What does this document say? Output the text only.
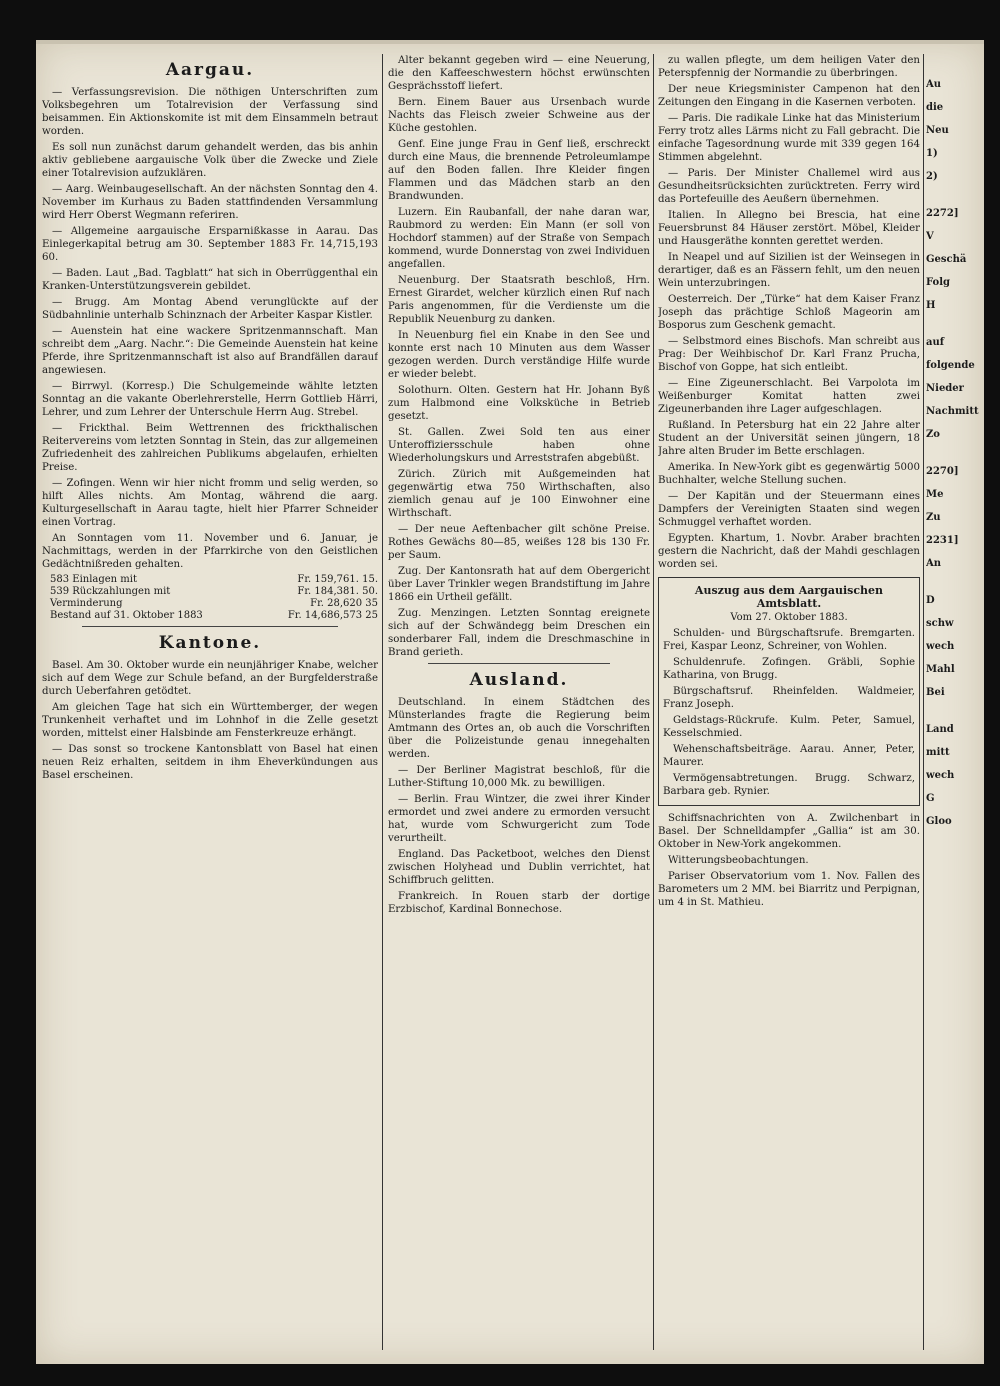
Aargau.
— Verfassungsrevision. Die nöthigen Unterschriften zum Volksbegehren um Totalrevision der Verfassung sind beisammen. Ein Aktionskomite ist mit dem Einsammeln betraut worden.
Es soll nun zunächst darum gehandelt werden, das bis anhin aktiv gebliebene aargauische Volk über die Zwecke und Ziele einer Totalrevision aufzuklären.
— Aarg. Weinbaugesellschaft. An der nächsten Sonntag den 4. November im Kurhaus zu Baden stattfindenden Versammlung wird Herr Oberst Wegmann referiren.
— Allgemeine aargauische Ersparnißkasse in Aarau. Das Einlegerkapital betrug am 30. September 1883 Fr. 14,715,193 60.
— Baden. Laut „Bad. Tagblatt“ hat sich in Oberrüggenthal ein Kranken-Unterstützungsverein gebildet.
— Brugg. Am Montag Abend verunglückte auf der Südbahnlinie unterhalb Schinznach der Arbeiter Kaspar Kistler.
— Auenstein hat eine wackere Spritzenmannschaft. Man schreibt dem „Aarg. Nachr.“: Die Gemeinde Auenstein hat keine Pferde, ihre Spritzenmannschaft ist also auf Brandfällen darauf angewiesen.
— Birrwyl. (Korresp.) Die Schulgemeinde wählte letzten Sonntag an die vakante Oberlehrerstelle, Herrn Gottlieb Härri, Lehrer, und zum Lehrer der Unterschule Herrn Aug. Strebel.
— Frickthal. Beim Wettrennen des frickthalischen Reitervereins vom letzten Sonntag in Stein, das zur allgemeinen Zufriedenheit des zahlreichen Publikums abgelaufen, erhielten Preise.
— Zofingen. Wenn wir hier nicht fromm und selig werden, so hilft Alles nichts. Am Montag, während die aarg. Kulturgesellschaft in Aarau tagte, hielt hier Pfarrer Schneider einen Vortrag.
An Sonntagen vom 11. November und 6. Januar, je Nachmittags, werden in der Pfarrkirche von den Geistlichen Gedächtnißreden gehalten.
583 Einlagen mit	Fr. 159,761. 15.
539 Rückzahlungen mit	Fr. 184,381. 50.
Verminderung	Fr. 28,620 35
Bestand auf 31. Oktober 1883	Fr. 14,686,573 25
Kantone.
Basel. Am 30. Oktober wurde ein neunjähriger Knabe, welcher sich auf dem Wege zur Schule befand, an der Burgfelderstraße durch Ueberfahren getödtet.
Am gleichen Tage hat sich ein Württemberger, der wegen Trunkenheit verhaftet und im Lohnhof in die Zelle gesetzt worden, mittelst einer Halsbinde am Fensterkreuze erhängt.
— Das sonst so trockene Kantonsblatt von Basel hat einen neuen Reiz erhalten, seitdem in ihm Eheverkündungen aus Basel erscheinen.
Alter bekannt gegeben wird — eine Neuerung, die den Kaffeeschwestern höchst erwünschten Gesprächsstoff liefert.
Bern. Einem Bauer aus Ursenbach wurde Nachts das Fleisch zweier Schweine aus der Küche gestohlen.
Genf. Eine junge Frau in Genf ließ, erschreckt durch eine Maus, die brennende Petroleumlampe auf den Boden fallen. Ihre Kleider fingen Flammen und das Mädchen starb an den Brandwunden.
Luzern. Ein Raubanfall, der nahe daran war, Raubmord zu werden: Ein Mann (er soll von Hochdorf stammen) auf der Straße von Sempach kommend, wurde Donnerstag von zwei Individuen angefallen.
Neuenburg. Der Staatsrath beschloß, Hrn. Ernest Girardet, welcher kürzlich einen Ruf nach Paris angenommen, für die Verdienste um die Republik Neuenburg zu danken.
In Neuenburg fiel ein Knabe in den See und konnte erst nach 10 Minuten aus dem Wasser gezogen werden. Durch verständige Hilfe wurde er wieder belebt.
Solothurn. Olten. Gestern hat Hr. Johann Byß zum Halbmond eine Volksküche in Betrieb gesetzt.
St. Gallen. Zwei Sold ten aus einer Unteroffiziersschule haben ohne Wiederholungskurs und Arreststrafen abgebüßt.
Zürich. Zürich mit Außgemeinden hat gegenwärtig etwa 750 Wirthschaften, also ziemlich genau auf je 100 Einwohner eine Wirthschaft.
— Der neue Aeftenbacher gilt schöne Preise. Rothes Gewächs 80—85, weißes 128 bis 130 Fr. per Saum.
Zug. Der Kantonsrath hat auf dem Obergericht über Laver Trinkler wegen Brandstiftung im Jahre 1866 ein Urtheil gefällt.
Zug. Menzingen. Letzten Sonntag ereignete sich auf der Schwändegg beim Dreschen ein sonderbarer Fall, indem die Dreschmaschine in Brand gerieth.
Ausland.
Deutschland. In einem Städtchen des Münsterlandes fragte die Regierung beim Amtmann des Ortes an, ob auch die Vorschriften über die Polizeistunde genau innegehalten werden.
— Der Berliner Magistrat beschloß, für die Luther-Stiftung 10,000 Mk. zu bewilligen.
— Berlin. Frau Wintzer, die zwei ihrer Kinder ermordet und zwei andere zu ermorden versucht hat, wurde vom Schwurgericht zum Tode verurtheilt.
England. Das Packetboot, welches den Dienst zwischen Holyhead und Dublin verrichtet, hat Schiffbruch gelitten.
Frankreich. In Rouen starb der dortige Erzbischof, Kardinal Bonnechose.
zu wallen pflegte, um dem heiligen Vater den Peterspfennig der Normandie zu überbringen.
Der neue Kriegsminister Campenon hat den Zeitungen den Eingang in die Kasernen verboten.
— Paris. Die radikale Linke hat das Ministerium Ferry trotz alles Lärms nicht zu Fall gebracht. Die einfache Tagesordnung wurde mit 339 gegen 164 Stimmen abgelehnt.
— Paris. Der Minister Challemel wird aus Gesundheitsrücksichten zurücktreten. Ferry wird das Portefeuille des Aeußern übernehmen.
Italien. In Allegno bei Brescia, hat eine Feuersbrunst 84 Häuser zerstört. Möbel, Kleider und Hausgeräthe konnten gerettet werden.
In Neapel und auf Sizilien ist der Weinsegen in derartiger, daß es an Fässern fehlt, um den neuen Wein unterzubringen.
Oesterreich. Der „Türke“ hat dem Kaiser Franz Joseph das prächtige Schloß Mageorin am Bosporus zum Geschenk gemacht.
— Selbstmord eines Bischofs. Man schreibt aus Prag: Der Weihbischof Dr. Karl Franz Prucha, Bischof von Goppe, hat sich entleibt.
— Eine Zigeunerschlacht. Bei Varpolota im Weißenburger Komitat hatten zwei Zigeunerbanden ihre Lager aufgeschlagen.
Rußland. In Petersburg hat ein 22 Jahre alter Student an der Universität seinen jüngern, 18 Jahre alten Bruder im Bette erschlagen.
Amerika. In New-York gibt es gegenwärtig 5000 Buchhalter, welche Stellung suchen.
— Der Kapitän und der Steuermann eines Dampfers der Vereinigten Staaten sind wegen Schmuggel verhaftet worden.
Egypten. Khartum, 1. Novbr. Araber brachten gestern die Nachricht, daß der Mahdi geschlagen worden sei.
Auszug aus dem Aargauischen Amtsblatt.
Vom 27. Oktober 1883.
Schulden- und Bürgschaftsrufe. Bremgarten. Frei, Kaspar Leonz, Schreiner, von Wohlen.
Schuldenrufe. Zofingen. Gräbli, Sophie Katharina, von Brugg.
Bürgschaftsruf. Rheinfelden. Waldmeier, Franz Joseph.
Geldstags-Rückrufe. Kulm. Peter, Samuel, Kesselschmied.
Wehenschaftsbeiträge. Aarau. Anner, Peter, Maurer.
Vermögensabtretungen. Brugg. Schwarz, Barbara geb. Rynier.
Schiffsnachrichten von A. Zwilchenbart in Basel. Der Schnelldampfer „Gallia“ ist am 30. Oktober in New-York angekommen.
Witterungsbeobachtungen.
Pariser Observatorium vom 1. Nov. Fallen des Barometers um 2 MM. bei Biarritz und Perpignan, um 4 in St. Mathieu.
Au
die
Neu
1)
2)
2272]
V
Geschä
Folg
H
auf
folgende
Nieder
Nachmitt
Zo
2270]
Me
Zu
2231]
An
D
schw
wech
Mahl
Bei
Land
mitt
wech
G
Gloo
